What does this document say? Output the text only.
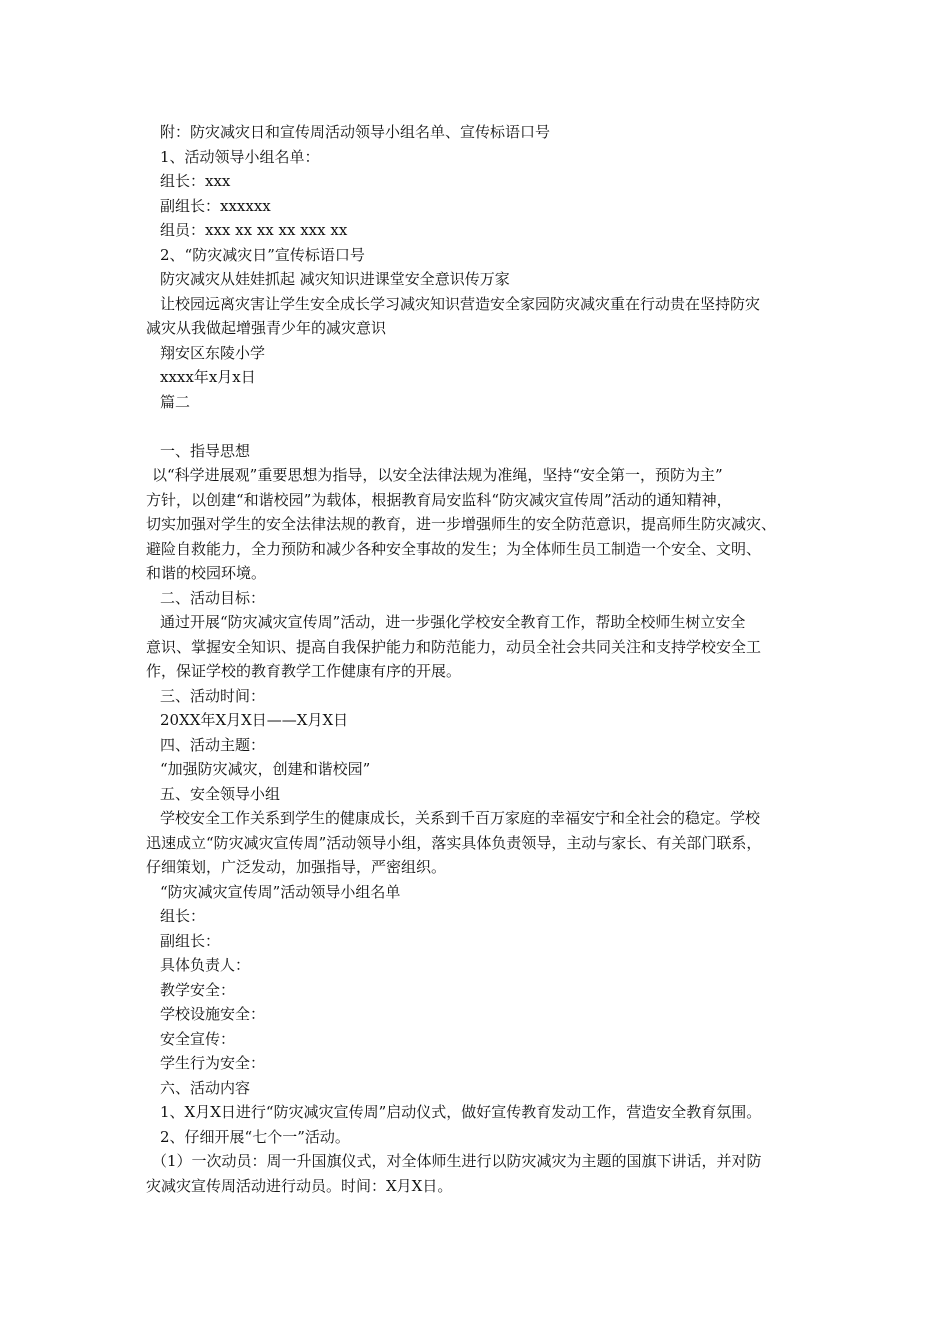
附：防灾减灾日和宣传周活动领导小组名单、宣传标语口号
1、活动领导小组名单：
组长：xxx
副组长：xxxxxx
组员：xxx xx xx xx xxx xx
2、“防灾减灾日”宣传标语口号
防灾减灾从娃娃抓起 减灾知识进课堂安全意识传万家
让校园远离灾害让学生安全成长学习减灾知识营造安全家园防灾减灾重在行动贵在坚持防灾
减灾从我做起增强青少年的减灾意识
翔安区东陵小学
xxxx年x月x日
篇二
一、指导思想
以“科学进展观”重要思想为指导，以安全法律法规为准绳，坚持“安全第一，预防为主”
方针，以创建“和谐校园”为载体，根据教育局安监科“防灾减灾宣传周”活动的通知精神，
切实加强对学生的安全法律法规的教育，进一步增强师生的安全防范意识，提高师生防灾减灾、
避险自救能力，全力预防和减少各种安全事故的发生；为全体师生员工制造一个安全、文明、
和谐的校园环境。
二、活动目标：
通过开展“防灾减灾宣传周”活动，进一步强化学校安全教育工作，帮助全校师生树立安全
意识、掌握安全知识、提高自我保护能力和防范能力，动员全社会共同关注和支持学校安全工
作，保证学校的教育教学工作健康有序的开展。
三、活动时间：
20XX年X月X日——X月X日
四、活动主题：
“加强防灾减灾，创建和谐校园”
五、安全领导小组
学校安全工作关系到学生的健康成长，关系到千百万家庭的幸福安宁和全社会的稳定。学校
迅速成立“防灾减灾宣传周”活动领导小组，落实具体负责领导，主动与家长、有关部门联系，
仔细策划，广泛发动，加强指导，严密组织。
“防灾减灾宣传周”活动领导小组名单
组长：
副组长：
具体负责人：
教学安全：
学校设施安全：
安全宣传：
学生行为安全：
六、活动内容
1、X月X日进行“防灾减灾宣传周”启动仪式，做好宣传教育发动工作，营造安全教育氛围。
2、仔细开展“七个一”活动。
（1）一次动员：周一升国旗仪式，对全体师生进行以防灾减灾为主题的国旗下讲话，并对防
灾减灾宣传周活动进行动员。时间：X月X日。
